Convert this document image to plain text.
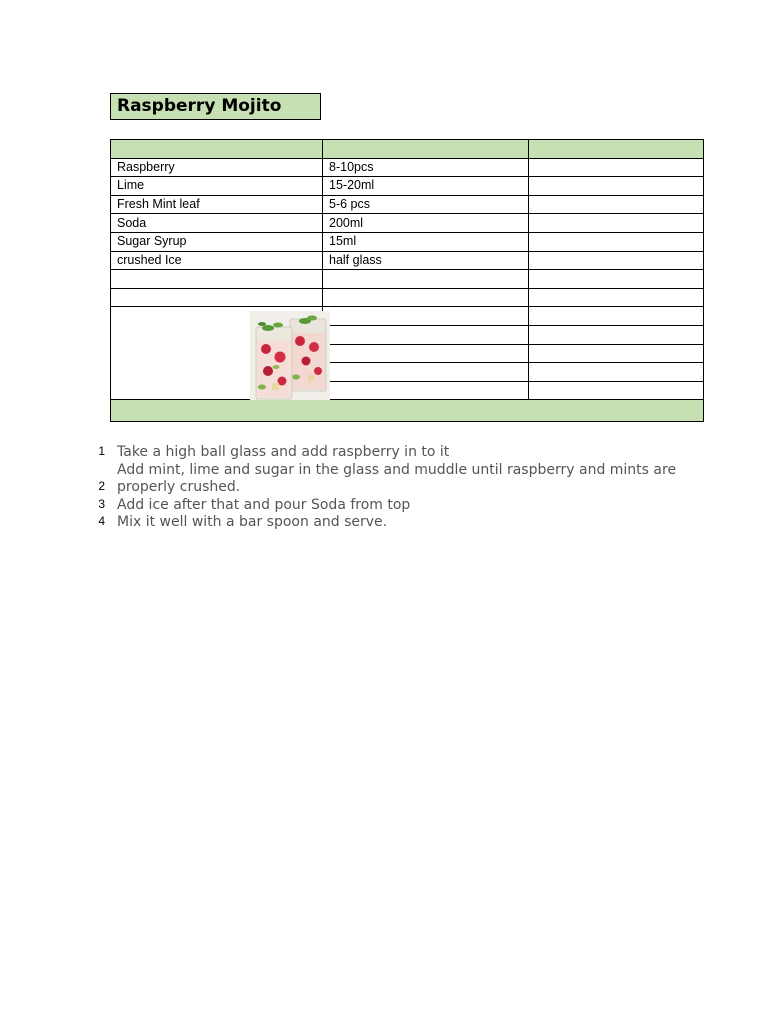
Raspberry Mojito

Raspberry	8-10pcs	
Lime	15-20ml	
Fresh Mint leaf	5-6 pcs	
Soda	200ml	
Sugar Syrup	15ml	
crushed Ice	half glass	

1 Take a high ball glass and add raspberry in to it
2
Add mint, lime and sugar in the glass and muddle until raspberry and mints are properly crushed.
3 Add ice after that and pour Soda from top
4 Mix it well with a bar spoon and serve.
